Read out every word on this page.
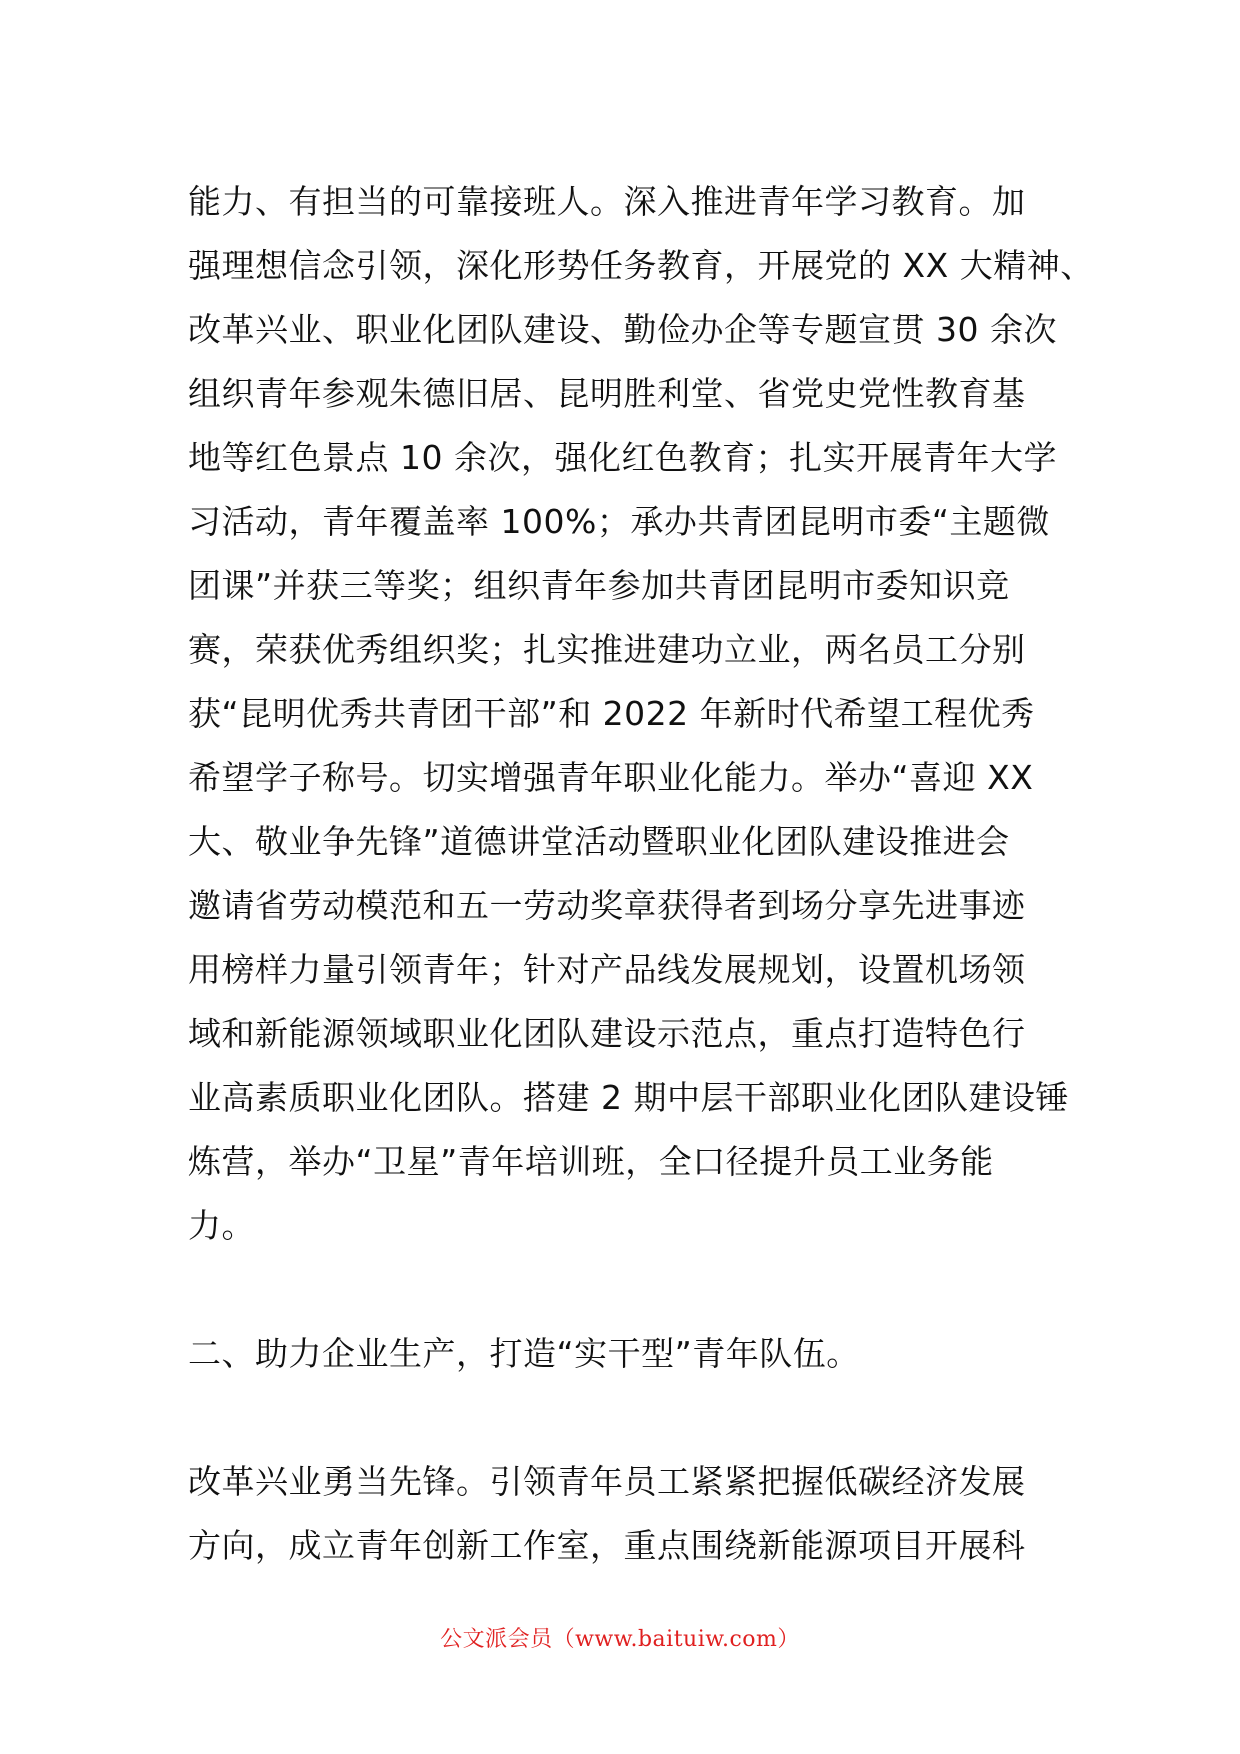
能力、有担当的可靠接班人。深入推进青年学习教育。加
强理想信念引领，深化形势任务教育，开展党的 XX 大精神、
改革兴业、职业化团队建设、勤俭办企等专题宣贯 30 余次
组织青年参观朱德旧居、昆明胜利堂、省党史党性教育基
地等红色景点 10 余次，强化红色教育；扎实开展青年大学
习活动，青年覆盖率 100%；承办共青团昆明市委“主题微
团课”并获三等奖；组织青年参加共青团昆明市委知识竞
赛，荣获优秀组织奖；扎实推进建功立业，两名员工分别
获“昆明优秀共青团干部”和 2022 年新时代希望工程优秀
希望学子称号。切实增强青年职业化能力。举办“喜迎 XX
大、敬业争先锋”道德讲堂活动暨职业化团队建设推进会
邀请省劳动模范和五一劳动奖章获得者到场分享先进事迹
用榜样力量引领青年；针对产品线发展规划，设置机场领
域和新能源领域职业化团队建设示范点，重点打造特色行
业高素质职业化团队。搭建 2 期中层干部职业化团队建设锤
炼营，举办“卫星”青年培训班，全口径提升员工业务能
力。
二、助力企业生产，打造“实干型”青年队伍。
改革兴业勇当先锋。引领青年员工紧紧把握低碳经济发展
方向，成立青年创新工作室，重点围绕新能源项目开展科
公文派会员（www.baituiw.com）
